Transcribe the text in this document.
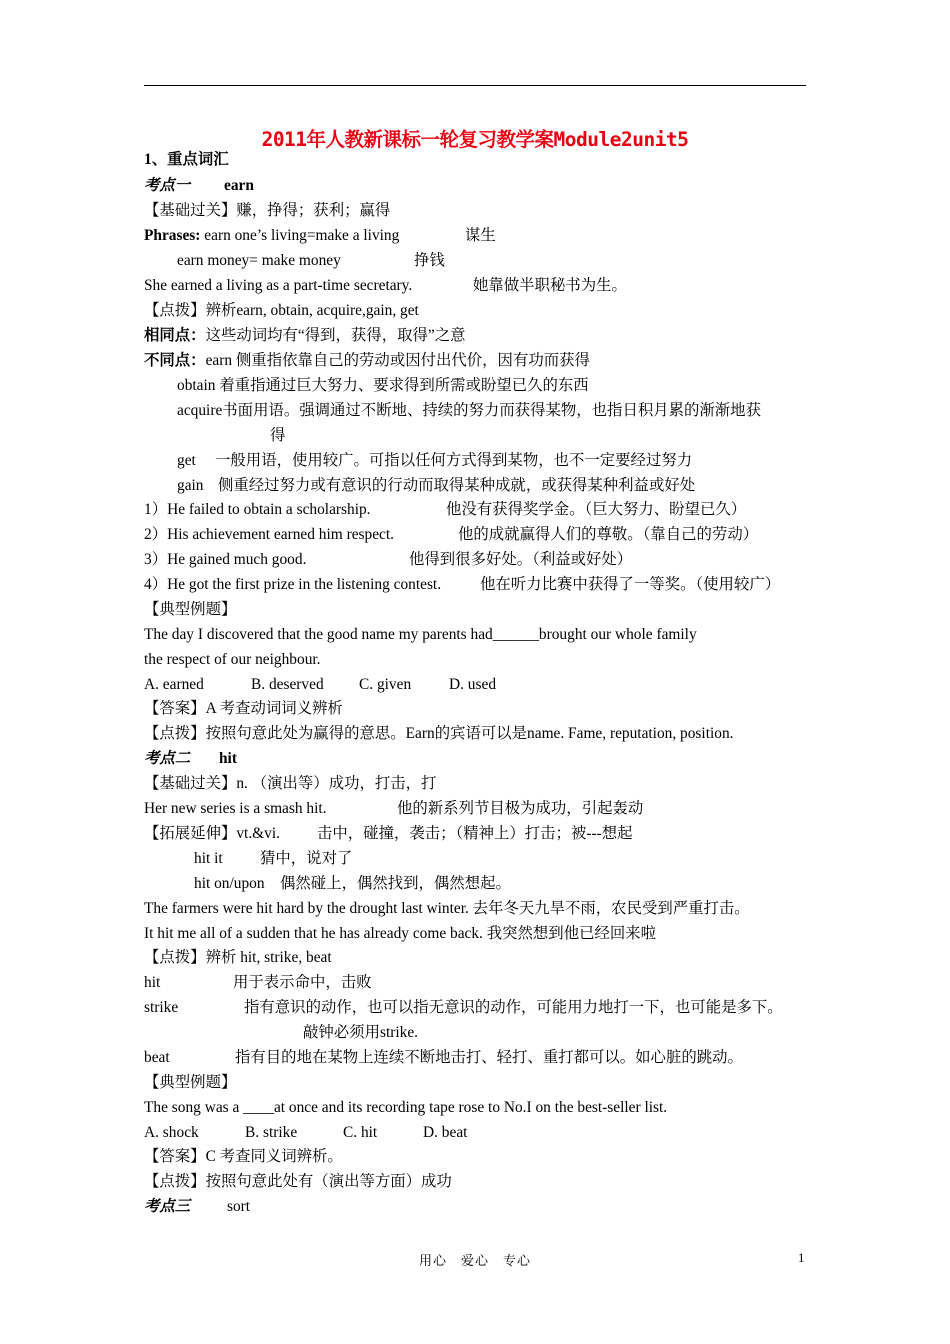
2011年人教新课标一轮复习教学案Module2unit5
1、重点词汇
考点一 earn
【基础过关】赚，挣得；获利；赢得
Phrases: earn one’s living=make a living	谋生
earn money= make money	挣钱
She earned a living as a part-time secretary.	她靠做半职秘书为生。
【点拨】辨析earn, obtain, acquire,gain, get
相同点：这些动词均有“得到，获得，取得”之意
不同点：earn 侧重指依靠自己的劳动或因付出代价，因有功而获得
obtain 着重指通过巨大努力、要求得到所需或盼望已久的东西
acquire书面用语。强调通过不断地、持续的努力而获得某物，也指日积月累的渐渐地获
得
get 一般用语，使用较广。可指以任何方式得到某物，也不一定要经过努力
gain 侧重经过努力或有意识的行动而取得某种成就，或获得某种利益或好处
1）He failed to obtain a scholarship.	他没有获得奖学金。（巨大努力、盼望已久）
2）His achievement earned him respect.	他的成就赢得人们的尊敬。（靠自己的劳动）
3）He gained much good.	他得到很多好处。（利益或好处）
4）He got the first prize in the listening contest.	他在听力比赛中获得了一等奖。（使用较广）
【典型例题】
The day I discovered that the good name my parents had______brought our whole family
the respect of our neighbour.
A. earned	B. deserved C. given D. used
【答案】A 考查动词词义辨析
【点拨】按照句意此处为赢得的意思。Earn的宾语可以是name. Fame, reputation, position.
考点二 hit
【基础过关】n. （演出等）成功，打击，打
Her new series is a smash hit.	他的新系列节目极为成功，引起轰动
【拓展延伸】vt.&vi. 击中，碰撞，袭击；（精神上）打击；被---想起
hit it 猜中，说对了
hit on/upon 偶然碰上，偶然找到，偶然想起。
The farmers were hit hard by the drought last winter. 去年冬天九旱不雨，农民受到严重打击。
It hit me all of a sudden that he has already come back. 我突然想到他已经回来啦
【点拨】辨析 hit, strike, beat
hit	用于表示命中，击败
strike	指有意识的动作，也可以指无意识的动作，可能用力地打一下，也可能是多下。
敲钟必须用strike.
beat	指有目的地在某物上连续不断地击打、轻打、重打都可以。如心脏的跳动。
【典型例题】
The song was a ____at once and its recording tape rose to No.I on the best-seller list.
A. shock	B. strike	C. hit	D. beat
【答案】C 考查同义词辨析。
【点拨】按照句意此处有（演出等方面）成功
考点三 sort
用心　爱心　专心	1
